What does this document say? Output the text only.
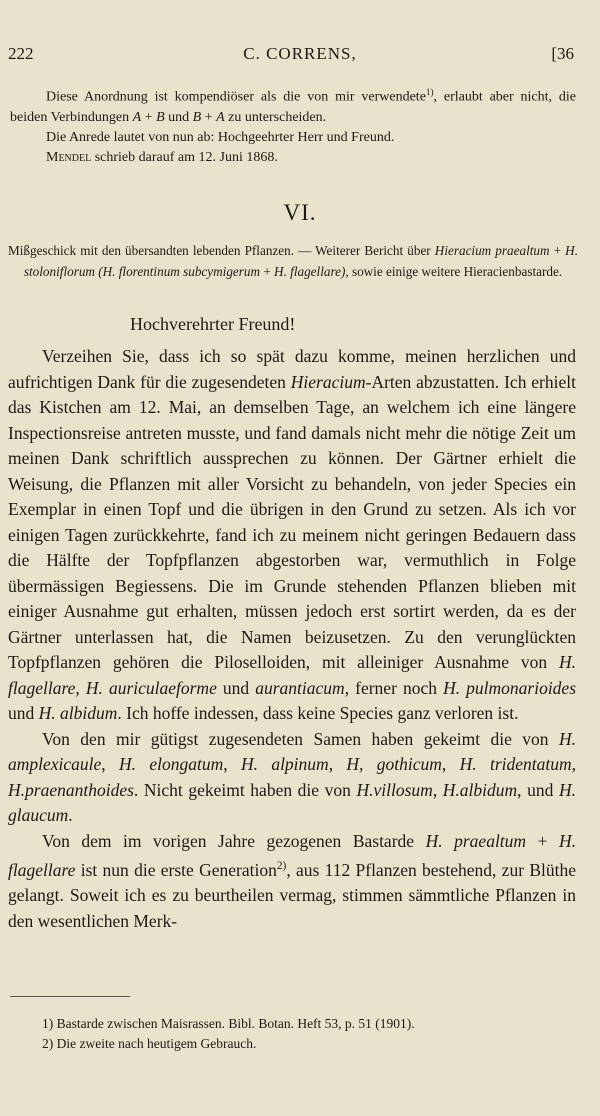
222	C. CORRENS,	[36

Diese Anordnung ist kompendiöser als die von mir verwendete$^{1)}$, erlaubt aber nicht, die beiden Verbindungen A + B und B + A zu unterscheiden.

Die Anrede lautet von nun ab: Hochgeehrter Herr und Freund.

Mendel schrieb darauf am 12. Juni 1868.

VI.

Mißgeschick mit den übersandten lebenden Pflanzen. — Weiterer Bericht über Hieracium praealtum + H. stoloniflorum (H. florentinum subcymigerum + H. flagellare), sowie einige weitere Hieracienbastarde.

Hochverehrter Freund!

Verzeihen Sie, dass ich so spät dazu komme, meinen herzlichen und aufrichtigen Dank für die zugesendeten Hieracium-Arten abzustatten. Ich erhielt das Kistchen am 12. Mai, an demselben Tage, an welchem ich eine längere Inspectionsreise antreten musste, und fand damals nicht mehr die nötige Zeit um meinen Dank schriftlich aussprechen zu können. Der Gärtner erhielt die Weisung, die Pflanzen mit aller Vorsicht zu behandeln, von jeder Species ein Exemplar in einen Topf und die übrigen in den Grund zu setzen. Als ich vor einigen Tagen zurückkehrte, fand ich zu meinem nicht geringen Bedauern dass die Hälfte der Topfpflanzen abgestorben war, vermuthlich in Folge übermässigen Begiessens. Die im Grunde stehenden Pflanzen blieben mit einiger Ausnahme gut erhalten, müssen jedoch erst sortirt werden, da es der Gärtner unterlassen hat, die Namen beizusetzen. Zu den verunglückten Topfpflanzen gehören die Piloselloiden, mit alleiniger Ausnahme von H. flagellare, H. auriculaeforme und aurantiacum, ferner noch H. pulmonarioides und H. albidum. Ich hoffe indessen, dass keine Species ganz verloren ist.

Von den mir gütigst zugesendeten Samen haben gekeimt die von H. amplexicaule, H. elongatum, H. alpinum, H, gothicum, H. tridentatum, H.praenanthoides. Nicht gekeimt haben die von H.villosum, H.albidum, und H. glaucum.

Von dem im vorigen Jahre gezogenen Bastarde H. praealtum + H. flagellare ist nun die erste Generation$^{2)}$, aus 112 Pflanzen bestehend, zur Blüthe gelangt. Soweit ich es zu beurtheilen vermag, stimmen sämmtliche Pflanzen in den wesentlichen Merk-

1) Bastarde zwischen Maisrassen. Bibl. Botan. Heft 53, p. 51 (1901).
2) Die zweite nach heutigem Gebrauch.
